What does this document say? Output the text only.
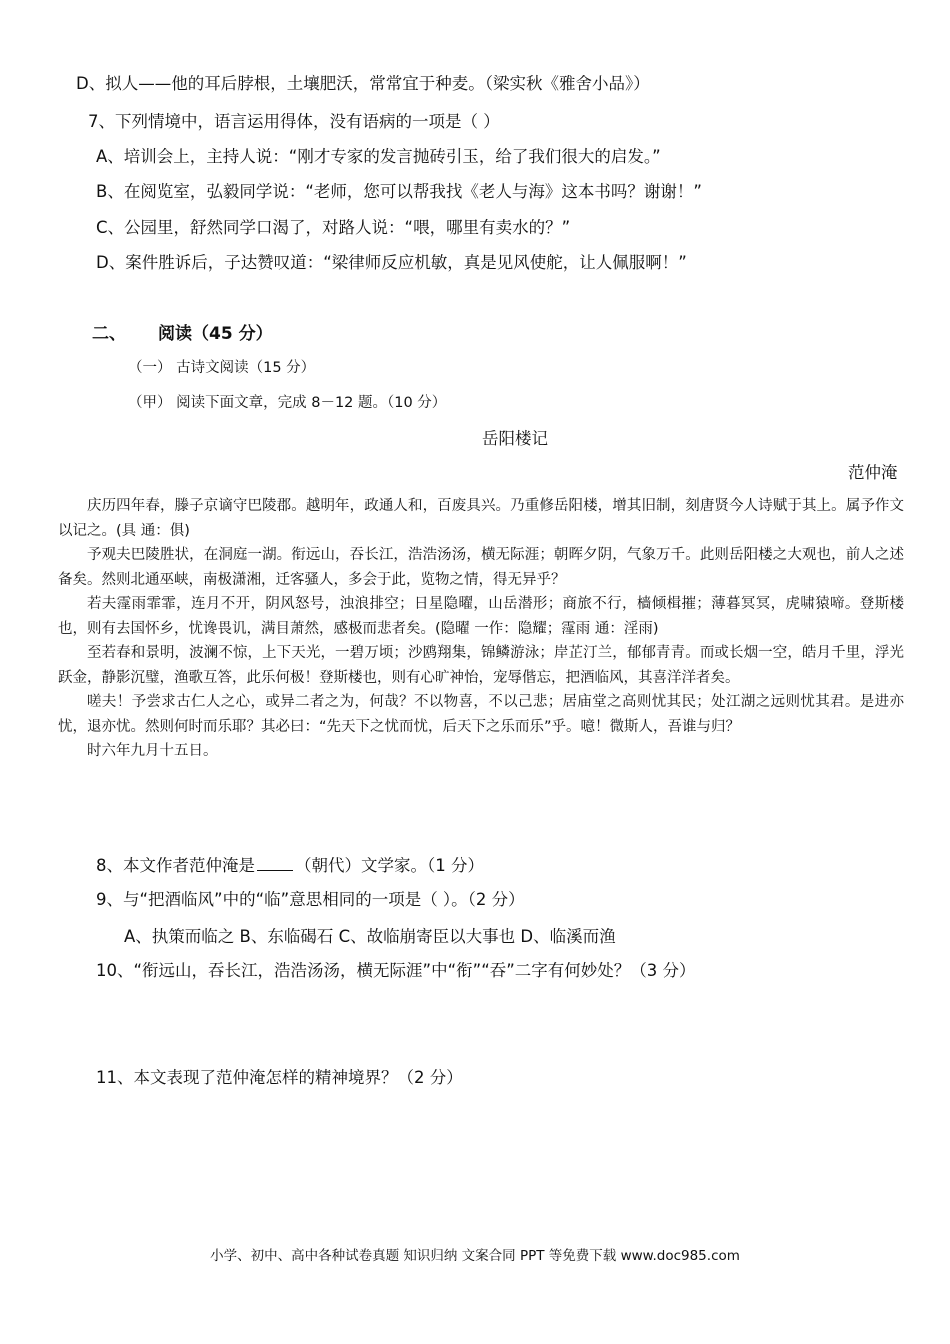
D、拟人——他的耳后脖根，土壤肥沃，常常宜于种麦。（梁实秋《雅舍小品》）
7、下列情境中，语言运用得体，没有语病的一项是（ ）
A、培训会上，主持人说：“刚才专家的发言抛砖引玉，给了我们很大的启发。”
B、在阅览室，弘毅同学说：“老师，您可以帮我找《老人与海》这本书吗？谢谢！”
C、公园里，舒然同学口渴了，对路人说：“喂，哪里有卖水的？”
D、案件胜诉后，子达赞叹道：“梁律师反应机敏，真是见风使舵，让人佩服啊！”
二、 阅读（45 分）
（一） 古诗文阅读（15 分）
（甲） 阅读下面文章，完成 8－12 题。（10 分）
岳阳楼记
范仲淹

庆历四年春，滕子京谪守巴陵郡。越明年，政通人和，百废具兴。乃重修岳阳楼，增其旧制，刻唐贤今人诗赋于其上。属予作文以记之。(具 通：俱)

予观夫巴陵胜状，在洞庭一湖。衔远山，吞长江，浩浩汤汤，横无际涯；朝晖夕阴，气象万千。此则岳阳楼之大观也，前人之述备矣。然则北通巫峡，南极潇湘，迁客骚人，多会于此，览物之情，得无异乎？

若夫霪雨霏霏，连月不开，阴风怒号，浊浪排空；日星隐曜，山岳潜形；商旅不行，樯倾楫摧；薄暮冥冥，虎啸猿啼。登斯楼也，则有去国怀乡，忧谗畏讥，满目萧然，感极而悲者矣。(隐曜 一作：隐耀；霪雨 通：淫雨)

至若春和景明，波澜不惊，上下天光，一碧万顷；沙鸥翔集，锦鳞游泳；岸芷汀兰，郁郁青青。而或长烟一空，皓月千里，浮光跃金，静影沉璧，渔歌互答，此乐何极！登斯楼也，则有心旷神怡，宠辱偕忘，把酒临风，其喜洋洋者矣。

嗟夫！予尝求古仁人之心，或异二者之为，何哉？不以物喜，不以己悲；居庙堂之高则忧其民；处江湖之远则忧其君。是进亦忧，退亦忧。然则何时而乐耶？其必曰：“先天下之忧而忧，后天下之乐而乐”乎。噫！微斯人，吾谁与归？

时六年九月十五日。

8、本文作者范仲淹是 （朝代）文学家。（1 分）
9、与“把酒临风”中的“临”意思相同的一项是（ ）。（2 分）
A、执策而临之 B、东临碣石 C、故临崩寄臣以大事也 D、临溪而渔
10、“衔远山，吞长江，浩浩汤汤，横无际涯”中“衔”“吞”二字有何妙处？（3 分）
11、本文表现了范仲淹怎样的精神境界？（2 分）
小学、初中、高中各种试卷真题 知识归纳 文案合同 PPT 等免费下载 www.doc985.com
